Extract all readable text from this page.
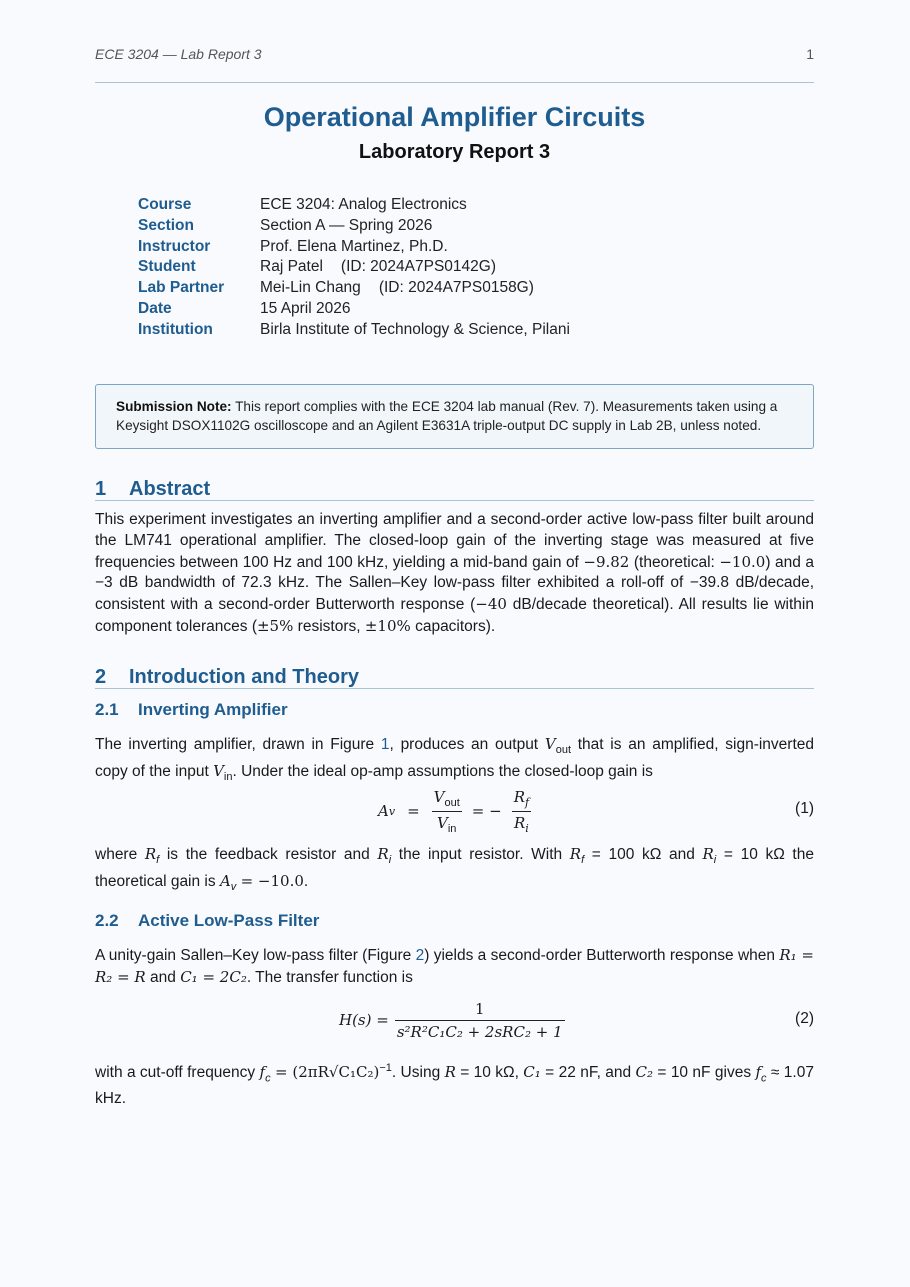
ECE 3204 — Lab Report 3	1
Operational Amplifier Circuits
Laboratory Report 3
Course	ECE 3204: Analog Electronics
Section	Section A — Spring 2026
Instructor	Prof. Elena Martinez, Ph.D.
Student	Raj Patel (ID: 2024A7PS0142G)
Lab Partner	Mei-Lin Chang (ID: 2024A7PS0158G)
Date	15 April 2026
Institution	Birla Institute of Technology & Science, Pilani
Submission Note: This report complies with the ECE 3204 lab manual (Rev. 7). Measurements taken using a Keysight DSOX1102G oscilloscope and an Agilent E3631A triple-output DC supply in Lab 2B, unless noted.
1 Abstract
This experiment investigates an inverting amplifier and a second-order active low-pass filter built around the LM741 operational amplifier. The closed-loop gain of the inverting stage was measured at five frequencies between 100 Hz and 100 kHz, yielding a mid-band gain of −9.82 (theoretical: −10.0) and a −3 dB bandwidth of 72.3 kHz. The Sallen–Key low-pass filter exhibited a roll-off of −39.8 dB/decade, consistent with a second-order Butterworth response (−40 dB/decade theoretical). All results lie within component tolerances (±5% resistors, ±10% capacitors).
2 Introduction and Theory
2.1 Inverting Amplifier
The inverting amplifier, drawn in Figure 1, produces an output $V_{out}$ that is an amplified, sign-inverted copy of the input $V_{in}$. Under the ideal op-amp assumptions the closed-loop gain is
A $v = \frac{V_{out}}{V_{in}}$ = − $\frac{R_f}{R_i}$	(1)
where $R_f$ is the feedback resistor and $R_i$ the input resistor. With $R_f = 100$ kΩ and $R_i = 10$ kΩ the theoretical gain is $A_v = -10.0$.
2.2 Active Low-Pass Filter
A unity-gain Sallen–Key low-pass filter (Figure 2) yields a second-order Butterworth response when R₁ = R₂ = R and C₁ = 2C₂. The transfer function is
$H(s) = \frac{1}{\text{s²R²C₁C₂ + 2sRC₂ + 1}}$	(2)
with a cut-off frequency $f_c = (2\pi R√C_1C_2)^{-1}$. Using R = 10 kΩ, C₁ = 22 nF, and C₂ = 10 nF gives $f_c \approx 1.07$ kHz.
